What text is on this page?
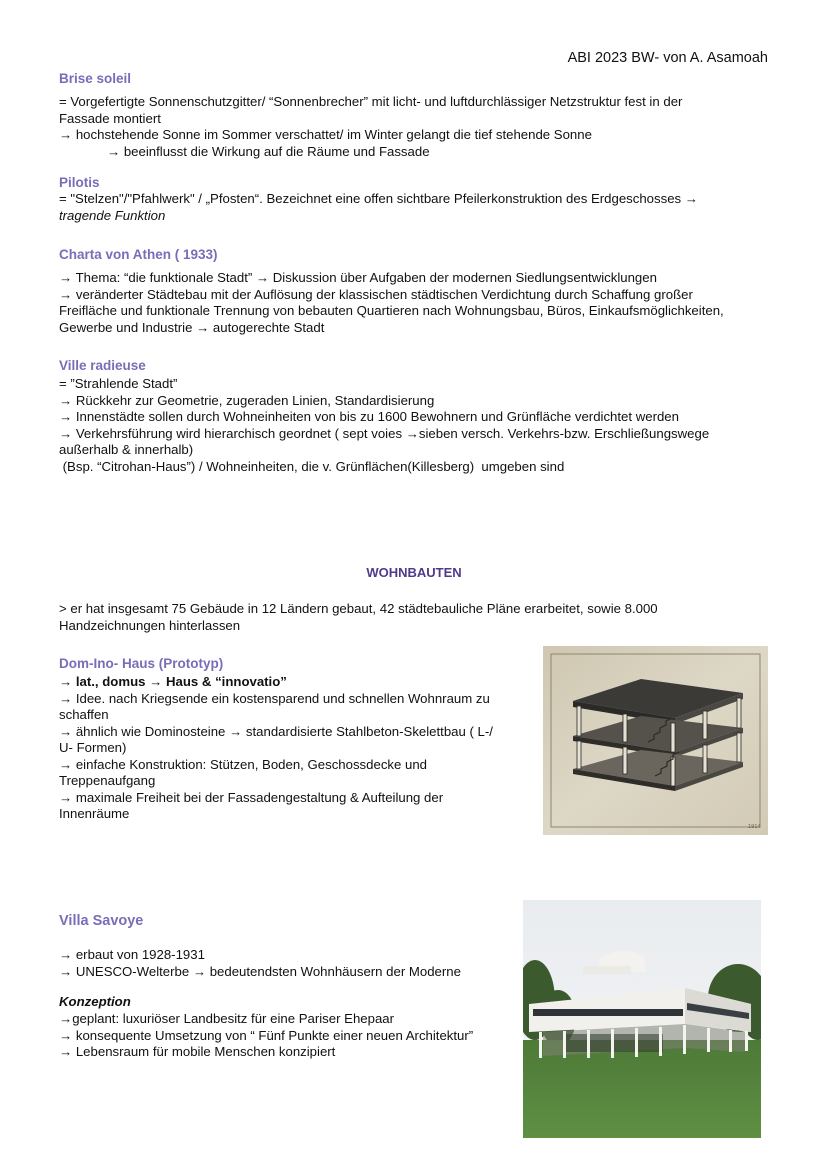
ABI 2023 BW- von A. Asamoah
Brise soleil
= Vorgefertigte Sonnenschutzgitter/ “Sonnenbrecher” mit licht- und luftdurchlässiger Netzstruktur fest in der
Fassade montiert
→ hochstehende Sonne im Sommer verschattet/ im Winter gelangt die tief stehende Sonne
→ beeinflusst die Wirkung auf die Räume und Fassade
Pilotis
= "Stelzen"/"Pfahlwerk" / „Pfosten“. Bezeichnet eine offen sichtbare Pfeilerkonstruktion des Erdgeschosses →
tragende Funktion
Charta von Athen ( 1933)
→ Thema: “die funktionale Stadt” → Diskussion über Aufgaben der modernen Siedlungsentwicklungen
→ veränderter Städtebau mit der Auflösung der klassischen städtischen Verdichtung durch Schaffung großer
Freifläche und funktionale Trennung von bebauten Quartieren nach Wohnungsbau, Büros, Einkaufsmöglichkeiten,
Gewerbe und Industrie → autogerechte Stadt
Ville radieuse
= ”Strahlende Stadt”
→ Rückkehr zur Geometrie, zugeraden Linien, Standardisierung
→ Innenstädte sollen durch Wohneinheiten von bis zu 1600 Bewohnern und Grünfläche verdichtet werden
→ Verkehrsführung wird hierarchisch geordnet ( sept voies →sieben versch. Verkehrs-bzw. Erschließungswege
außerhalb & innerhalb)
(Bsp. “Citrohan-Haus”) / Wohneinheiten, die v. Grünflächen(Killesberg)  umgeben sind
WOHNBAUTEN
> er hat insgesamt 75 Gebäude in 12 Ländern gebaut, 42 städtebauliche Pläne erarbeitet, sowie 8.000
Handzeichnungen hinterlassen
Dom-Ino- Haus (Prototyp)
→ lat., domus → Haus & “innovatio”
→ Idee. nach Kriegsende ein kostensparend und schnellen Wohnraum zu
schaffen
→ ähnlich wie Dominosteine → standardisierte Stahlbeton-Skelettbau ( L-/
U- Formen)
→ einfache Konstruktion: Stützen, Boden, Geschossdecke und
Treppenaufgang
→ maximale Freiheit bei der Fassadengestaltung & Aufteilung der
Innenräume
1914
Villa Savoye
→ erbaut von 1928-1931
→ UNESCO-Welterbe → bedeutendsten Wohnhäusern der Moderne
Konzeption
→geplant: luxuriöser Landbesitz für eine Pariser Ehepaar
→ konsequente Umsetzung von “ Fünf Punkte einer neuen Architektur”
→ Lebensraum für mobile Menschen konzipiert
